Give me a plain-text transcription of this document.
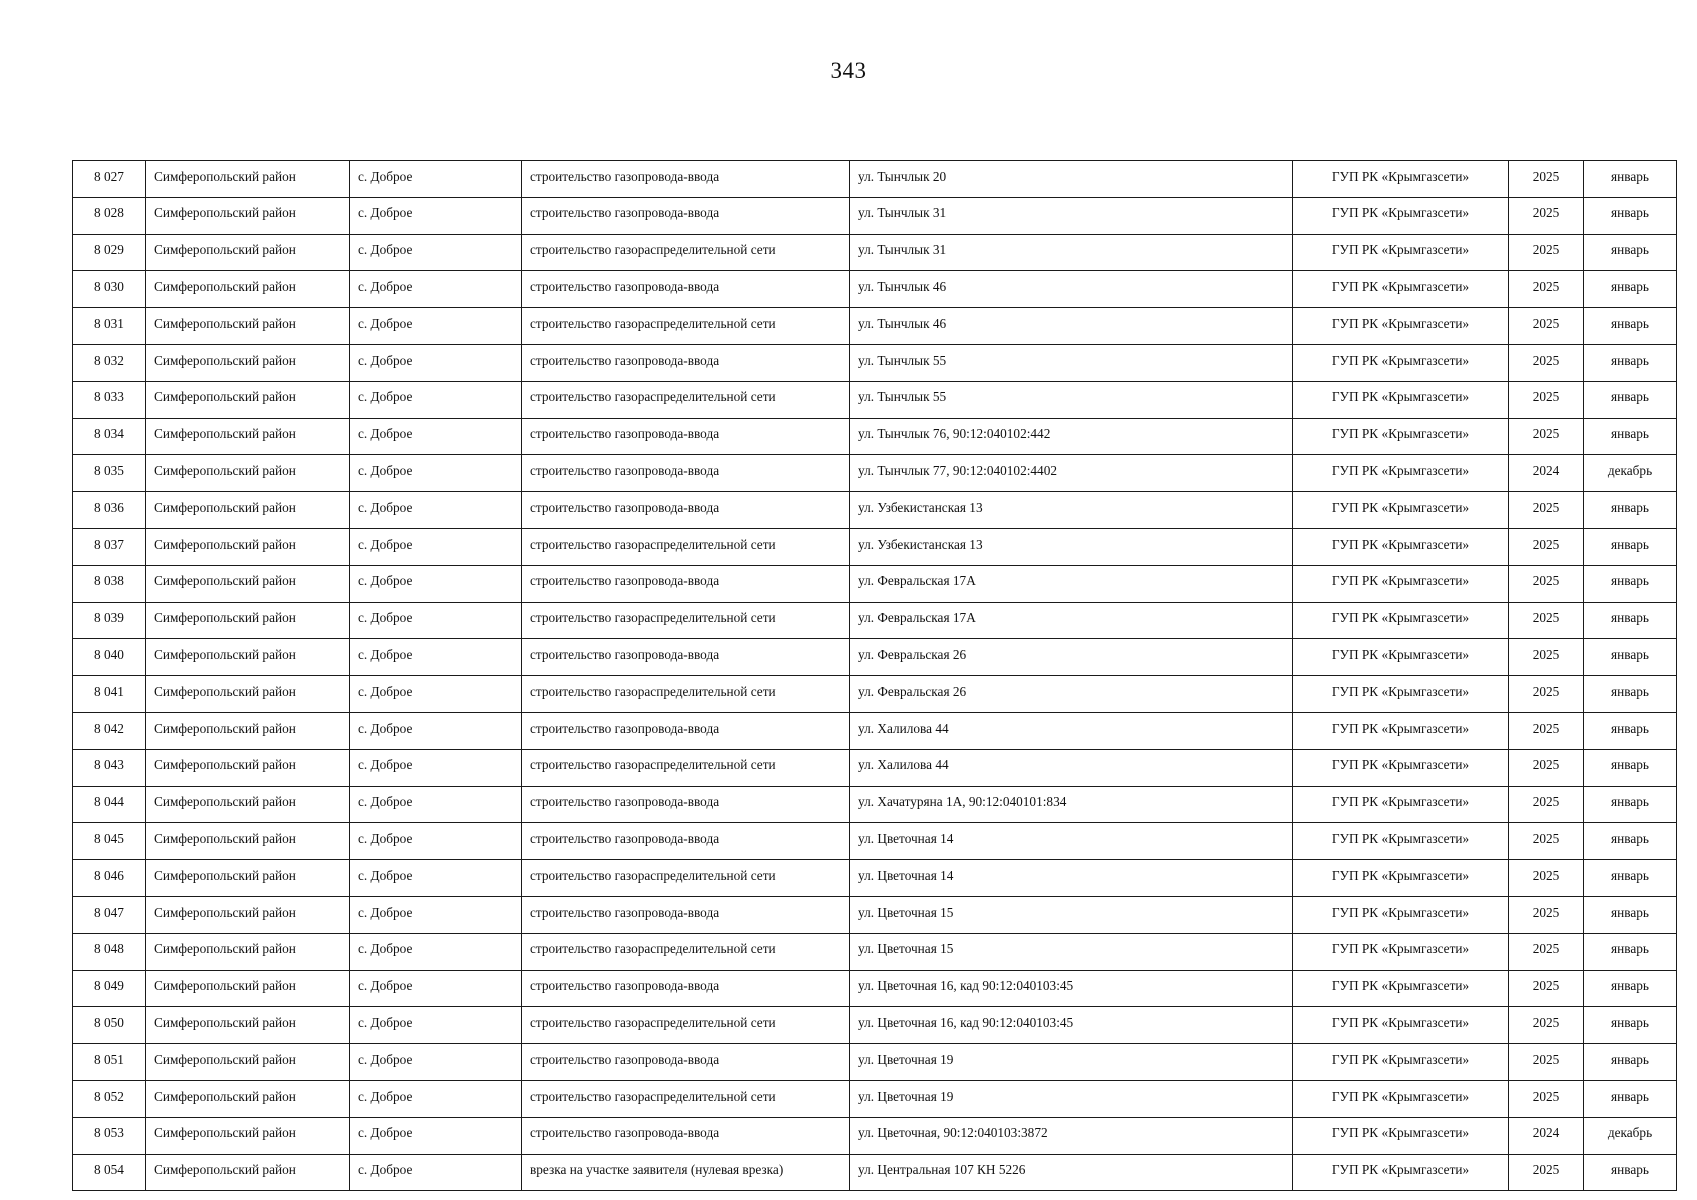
343
8 027	Симферопольский район	с. Доброе	строительство газопровода-ввода	ул. Тынчлык 20	ГУП РК «Крымгазсети»	2025	январь
8 028	Симферопольский район	с. Доброе	строительство газопровода-ввода	ул. Тынчлык 31	ГУП РК «Крымгазсети»	2025	январь
8 029	Симферопольский район	с. Доброе	строительство газораспределительной сети	ул. Тынчлык 31	ГУП РК «Крымгазсети»	2025	январь
8 030	Симферопольский район	с. Доброе	строительство газопровода-ввода	ул. Тынчлык 46	ГУП РК «Крымгазсети»	2025	январь
8 031	Симферопольский район	с. Доброе	строительство газораспределительной сети	ул. Тынчлык 46	ГУП РК «Крымгазсети»	2025	январь
8 032	Симферопольский район	с. Доброе	строительство газопровода-ввода	ул. Тынчлык 55	ГУП РК «Крымгазсети»	2025	январь
8 033	Симферопольский район	с. Доброе	строительство газораспределительной сети	ул. Тынчлык 55	ГУП РК «Крымгазсети»	2025	январь
8 034	Симферопольский район	с. Доброе	строительство газопровода-ввода	ул. Тынчлык 76, 90:12:040102:442	ГУП РК «Крымгазсети»	2025	январь
8 035	Симферопольский район	с. Доброе	строительство газопровода-ввода	ул. Тынчлык 77, 90:12:040102:4402	ГУП РК «Крымгазсети»	2024	декабрь
8 036	Симферопольский район	с. Доброе	строительство газопровода-ввода	ул. Узбекистанская 13	ГУП РК «Крымгазсети»	2025	январь
8 037	Симферопольский район	с. Доброе	строительство газораспределительной сети	ул. Узбекистанская 13	ГУП РК «Крымгазсети»	2025	январь
8 038	Симферопольский район	с. Доброе	строительство газопровода-ввода	ул. Февральская 17А	ГУП РК «Крымгазсети»	2025	январь
8 039	Симферопольский район	с. Доброе	строительство газораспределительной сети	ул. Февральская 17А	ГУП РК «Крымгазсети»	2025	январь
8 040	Симферопольский район	с. Доброе	строительство газопровода-ввода	ул. Февральская 26	ГУП РК «Крымгазсети»	2025	январь
8 041	Симферопольский район	с. Доброе	строительство газораспределительной сети	ул. Февральская 26	ГУП РК «Крымгазсети»	2025	январь
8 042	Симферопольский район	с. Доброе	строительство газопровода-ввода	ул. Халилова 44	ГУП РК «Крымгазсети»	2025	январь
8 043	Симферопольский район	с. Доброе	строительство газораспределительной сети	ул. Халилова 44	ГУП РК «Крымгазсети»	2025	январь
8 044	Симферопольский район	с. Доброе	строительство газопровода-ввода	ул. Хачатуряна 1А, 90:12:040101:834	ГУП РК «Крымгазсети»	2025	январь
8 045	Симферопольский район	с. Доброе	строительство газопровода-ввода	ул. Цветочная 14	ГУП РК «Крымгазсети»	2025	январь
8 046	Симферопольский район	с. Доброе	строительство газораспределительной сети	ул. Цветочная 14	ГУП РК «Крымгазсети»	2025	январь
8 047	Симферопольский район	с. Доброе	строительство газопровода-ввода	ул. Цветочная 15	ГУП РК «Крымгазсети»	2025	январь
8 048	Симферопольский район	с. Доброе	строительство газораспределительной сети	ул. Цветочная 15	ГУП РК «Крымгазсети»	2025	январь
8 049	Симферопольский район	с. Доброе	строительство газопровода-ввода	ул. Цветочная 16, кад 90:12:040103:45	ГУП РК «Крымгазсети»	2025	январь
8 050	Симферопольский район	с. Доброе	строительство газораспределительной сети	ул. Цветочная 16, кад 90:12:040103:45	ГУП РК «Крымгазсети»	2025	январь
8 051	Симферопольский район	с. Доброе	строительство газопровода-ввода	ул. Цветочная 19	ГУП РК «Крымгазсети»	2025	январь
8 052	Симферопольский район	с. Доброе	строительство газораспределительной сети	ул. Цветочная 19	ГУП РК «Крымгазсети»	2025	январь
8 053	Симферопольский район	с. Доброе	строительство газопровода-ввода	ул. Цветочная, 90:12:040103:3872	ГУП РК «Крымгазсети»	2024	декабрь
8 054	Симферопольский район	с. Доброе	врезка на участке заявителя (нулевая врезка)	ул. Центральная 107 КН 5226	ГУП РК «Крымгазсети»	2025	январь
